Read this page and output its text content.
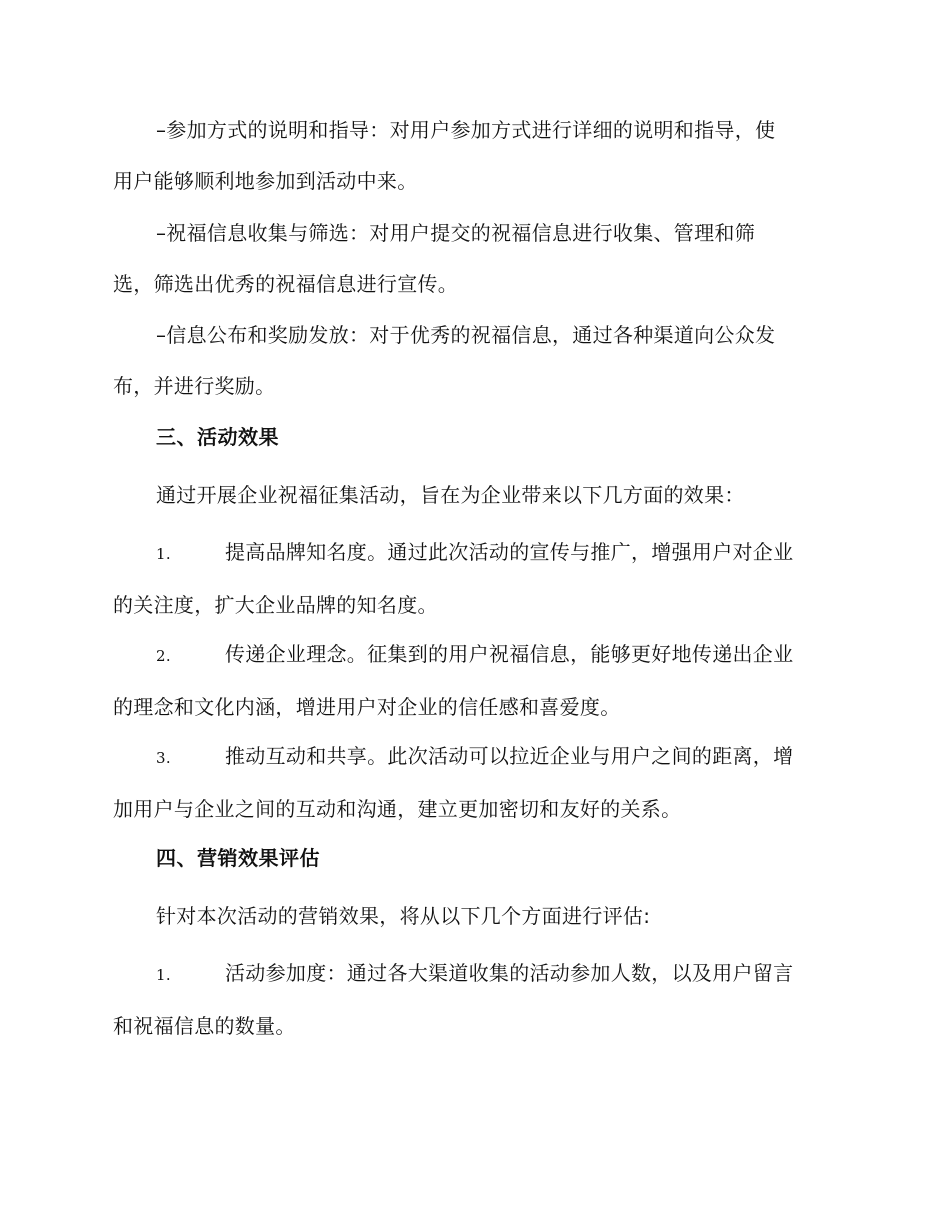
–参加方式的说明和指导：对用户参加方式进行详细的说明和指导，使
用户能够顺利地参加到活动中来。
–祝福信息收集与筛选：对用户提交的祝福信息进行收集、管理和筛
选，筛选出优秀的祝福信息进行宣传。
–信息公布和奖励发放：对于优秀的祝福信息，通过各种渠道向公众发
布，并进行奖励。
三、活动效果
通过开展企业祝福征集活动，旨在为企业带来以下几方面的效果：
1.	提高品牌知名度。通过此次活动的宣传与推广，增强用户对企业
的关注度，扩大企业品牌的知名度。
2.	传递企业理念。征集到的用户祝福信息，能够更好地传递出企业
的理念和文化内涵，增进用户对企业的信任感和喜爱度。
3.	推动互动和共享。此次活动可以拉近企业与用户之间的距离，增
加用户与企业之间的互动和沟通，建立更加密切和友好的关系。
四、营销效果评估
针对本次活动的营销效果，将从以下几个方面进行评估:
1.	活动参加度：通过各大渠道收集的活动参加人数，以及用户留言
和祝福信息的数量。
